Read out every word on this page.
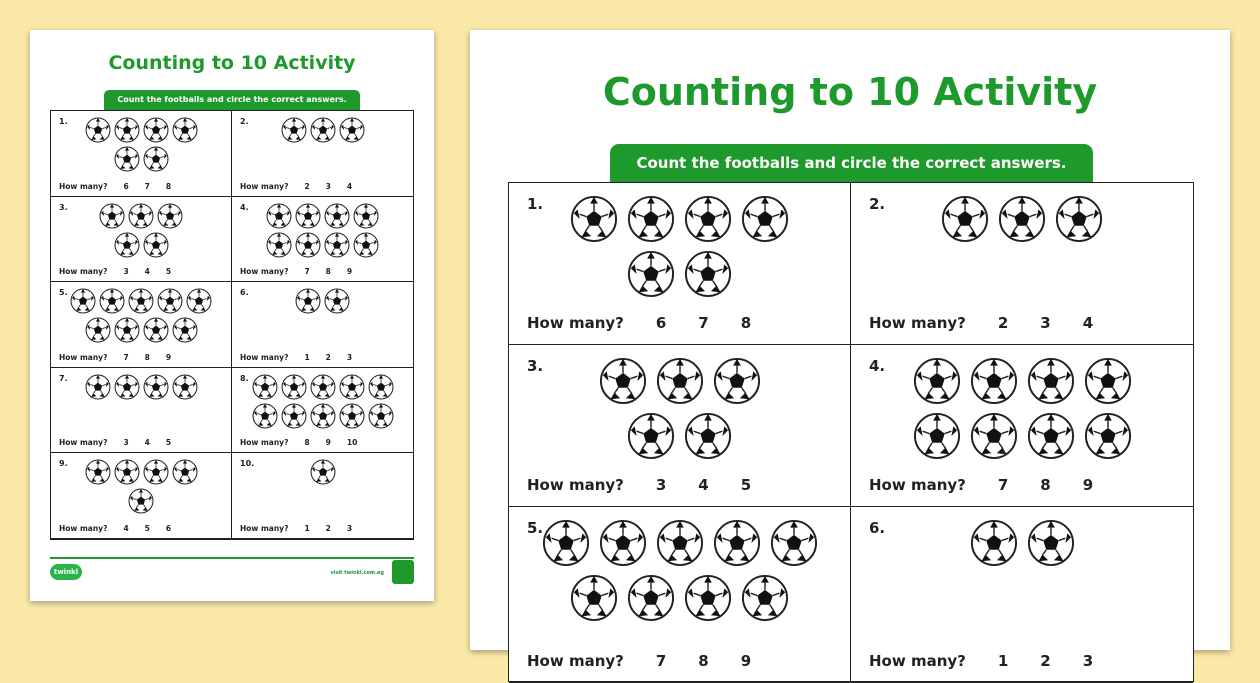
Counting to 10 Activity
Count the footballs and circle the correct answers.
1.
How many? 6 7 8
2.
How many? 2 3 4
3.
How many? 3 4 5
4.
How many? 7 8 9
5.
How many? 7 8 9
6.
How many? 1 2 3
7.
How many? 3 4 5
8.
How many? 8 9 10
9.
How many? 4 5 6
10.
How many? 1 2 3
twinkl	visit twinkl.com.eg
Counting to 10 Activity
Count the footballs and circle the correct answers.
1.
How many? 6 7 8
2.
How many? 2 3 4
3.
How many? 3 4 5
4.
How many? 7 8 9
5.
How many? 7 8 9
6.
How many? 1 2 3
